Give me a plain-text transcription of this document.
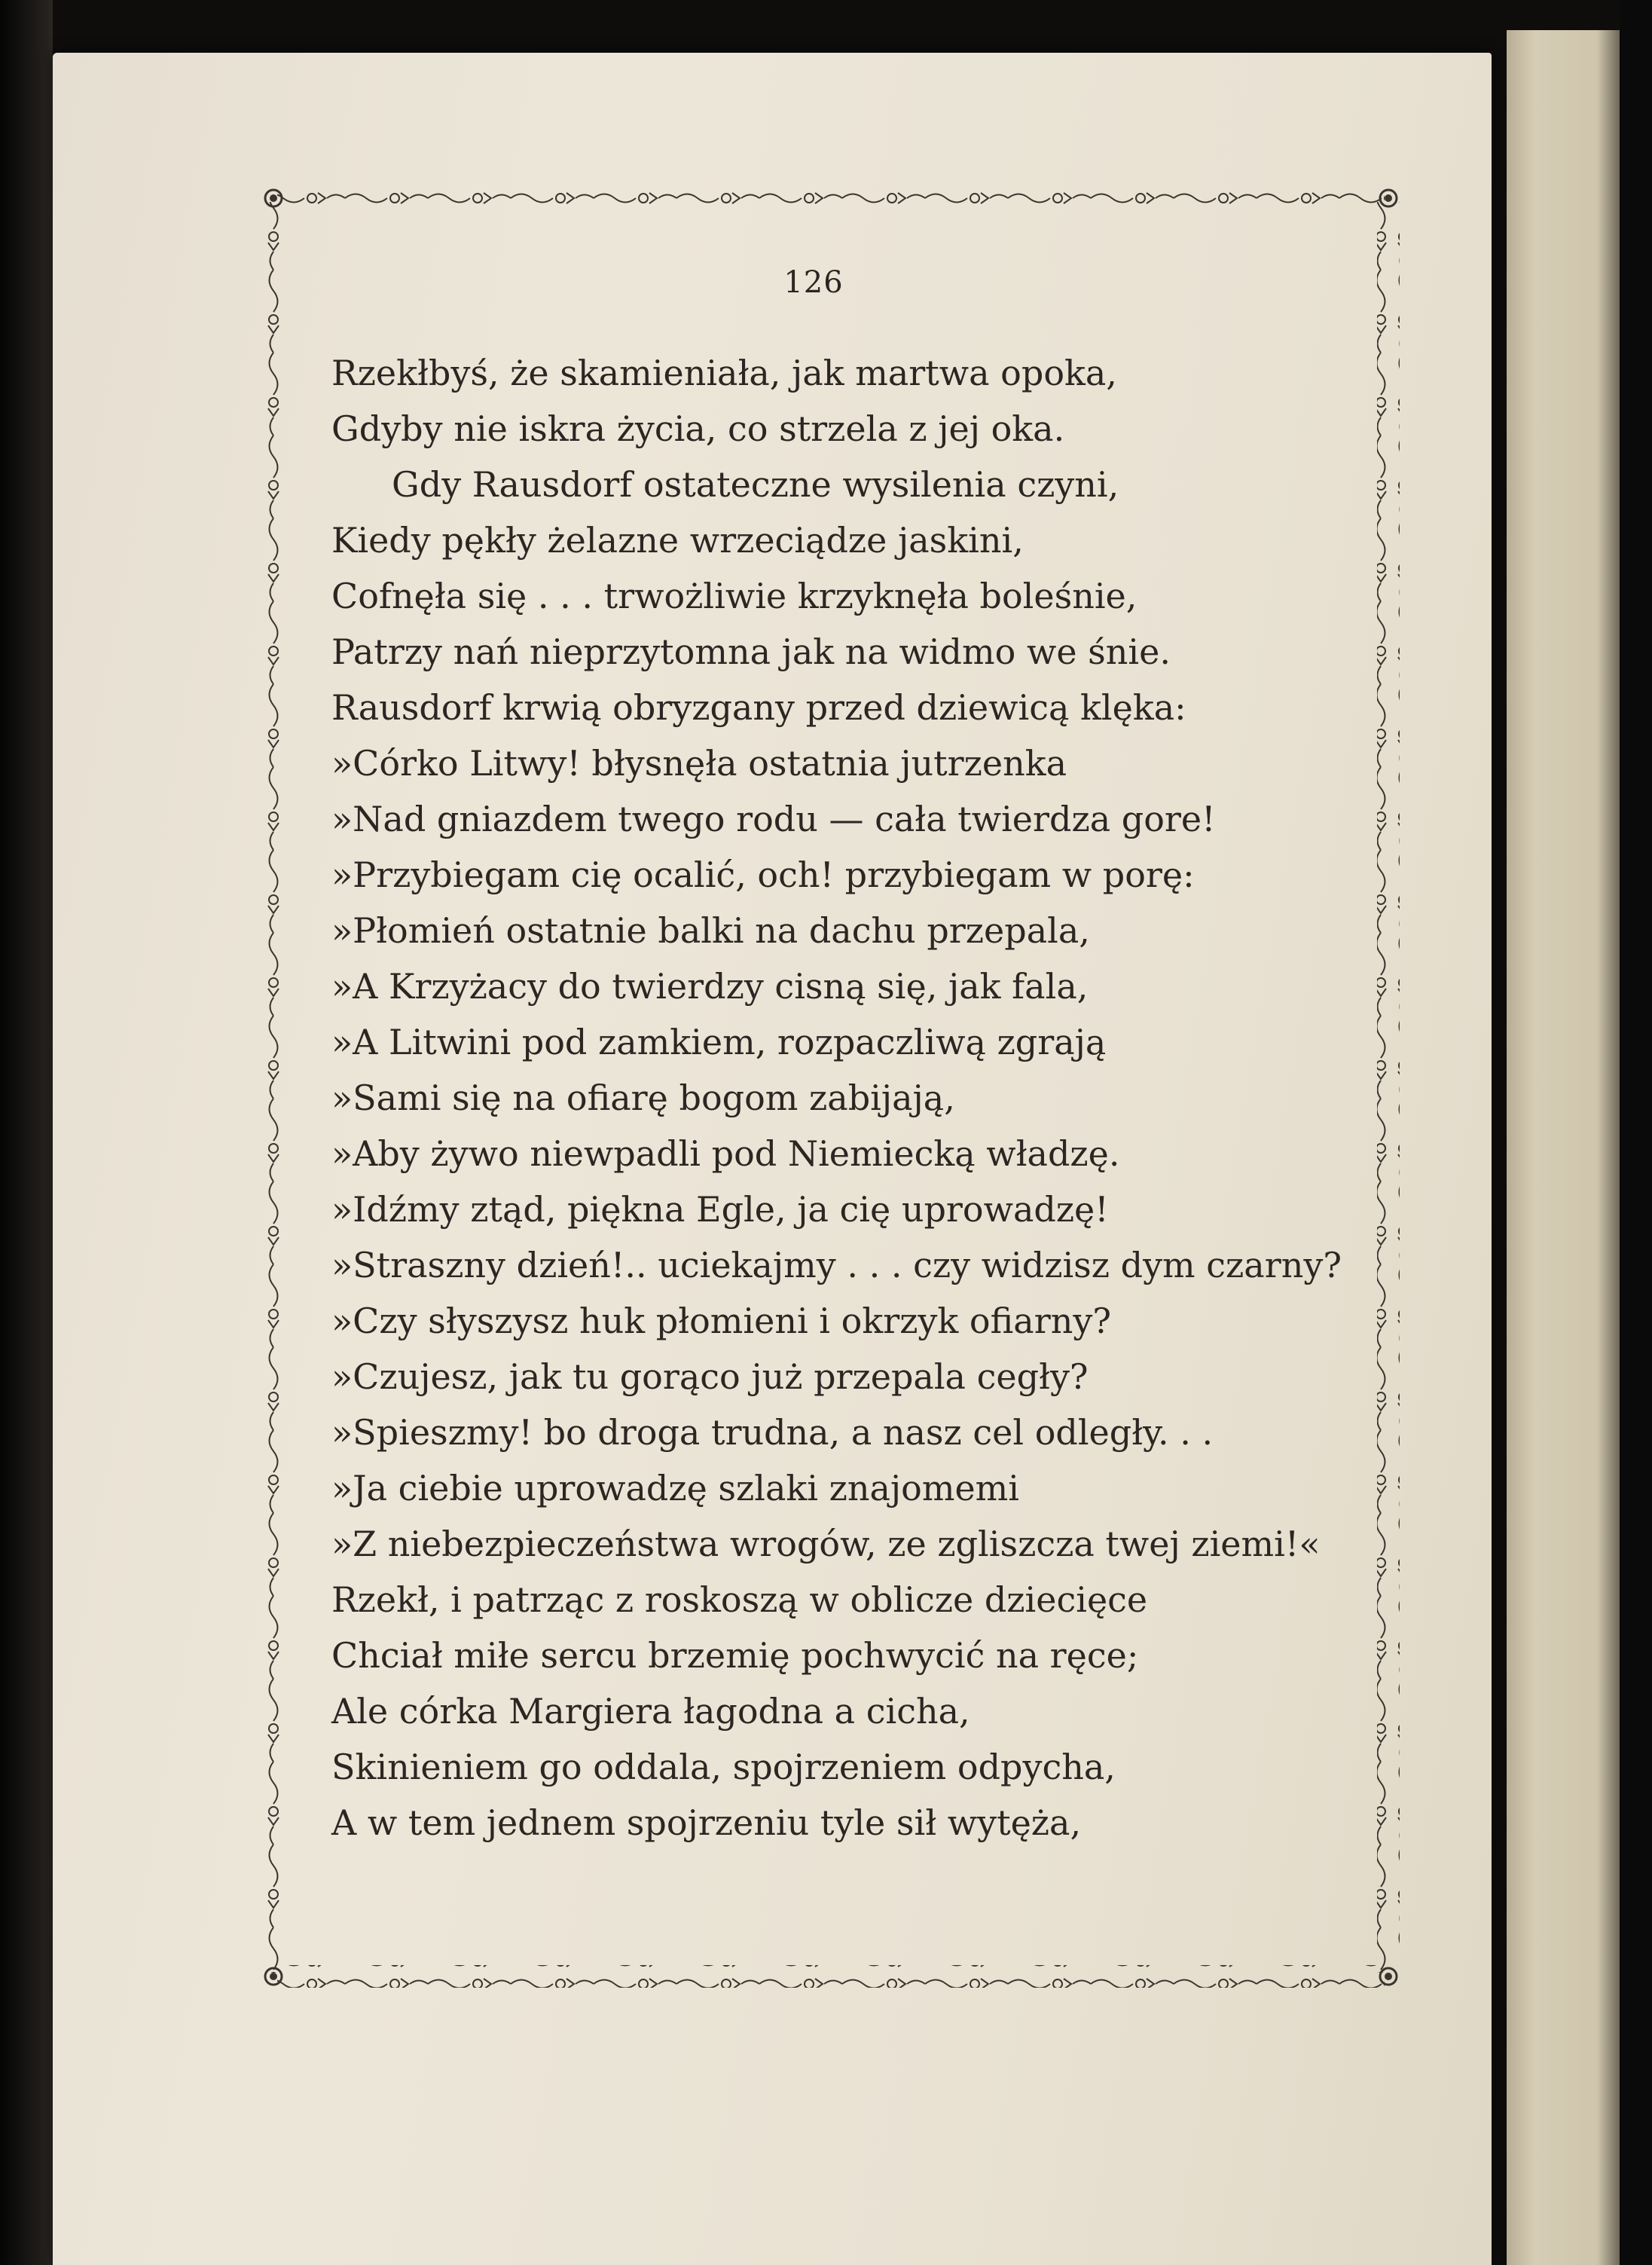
126
Rzekłbyś, że skamieniała, jak martwa opoka,
Gdyby nie iskra życia, co strzela z jej oka.
Gdy Rausdorf ostateczne wysilenia czyni,
Kiedy pękły żelazne wrzeciądze jaskini,
Cofnęła się . . . trwożliwie krzyknęła boleśnie,
Patrzy nań nieprzytomna jak na widmo we śnie.
Rausdorf krwią obryzgany przed dziewicą klęka:
»Córko Litwy! błysnęła ostatnia jutrzenka
»Nad gniazdem twego rodu — cała twierdza gore!
»Przybiegam cię ocalić, och! przybiegam w porę:
»Płomień ostatnie balki na dachu przepala,
»A Krzyżacy do twierdzy cisną się, jak fala,
»A Litwini pod zamkiem, rozpaczliwą zgrają
»Sami się na ofiarę bogom zabijają,
»Aby żywo niewpadli pod Niemiecką władzę.
»Idźmy ztąd, piękna Egle, ja cię uprowadzę!
»Straszny dzień!.. uciekajmy . . . czy widzisz dym czarny?
»Czy słyszysz huk płomieni i okrzyk ofiarny?
»Czujesz, jak tu gorąco już przepala cegły?
»Spieszmy! bo droga trudna, a nasz cel odległy. . .
»Ja ciebie uprowadzę szlaki znajomemi
»Z niebezpieczeństwa wrogów, ze zgliszcza twej ziemi!«
Rzekł, i patrząc z roskoszą w oblicze dziecięce
Chciał miłe sercu brzemię pochwycić na ręce;
Ale córka Margiera łagodna a cicha,
Skinieniem go oddala, spojrzeniem odpycha,
A w tem jednem spojrzeniu tyle sił wytęża,
